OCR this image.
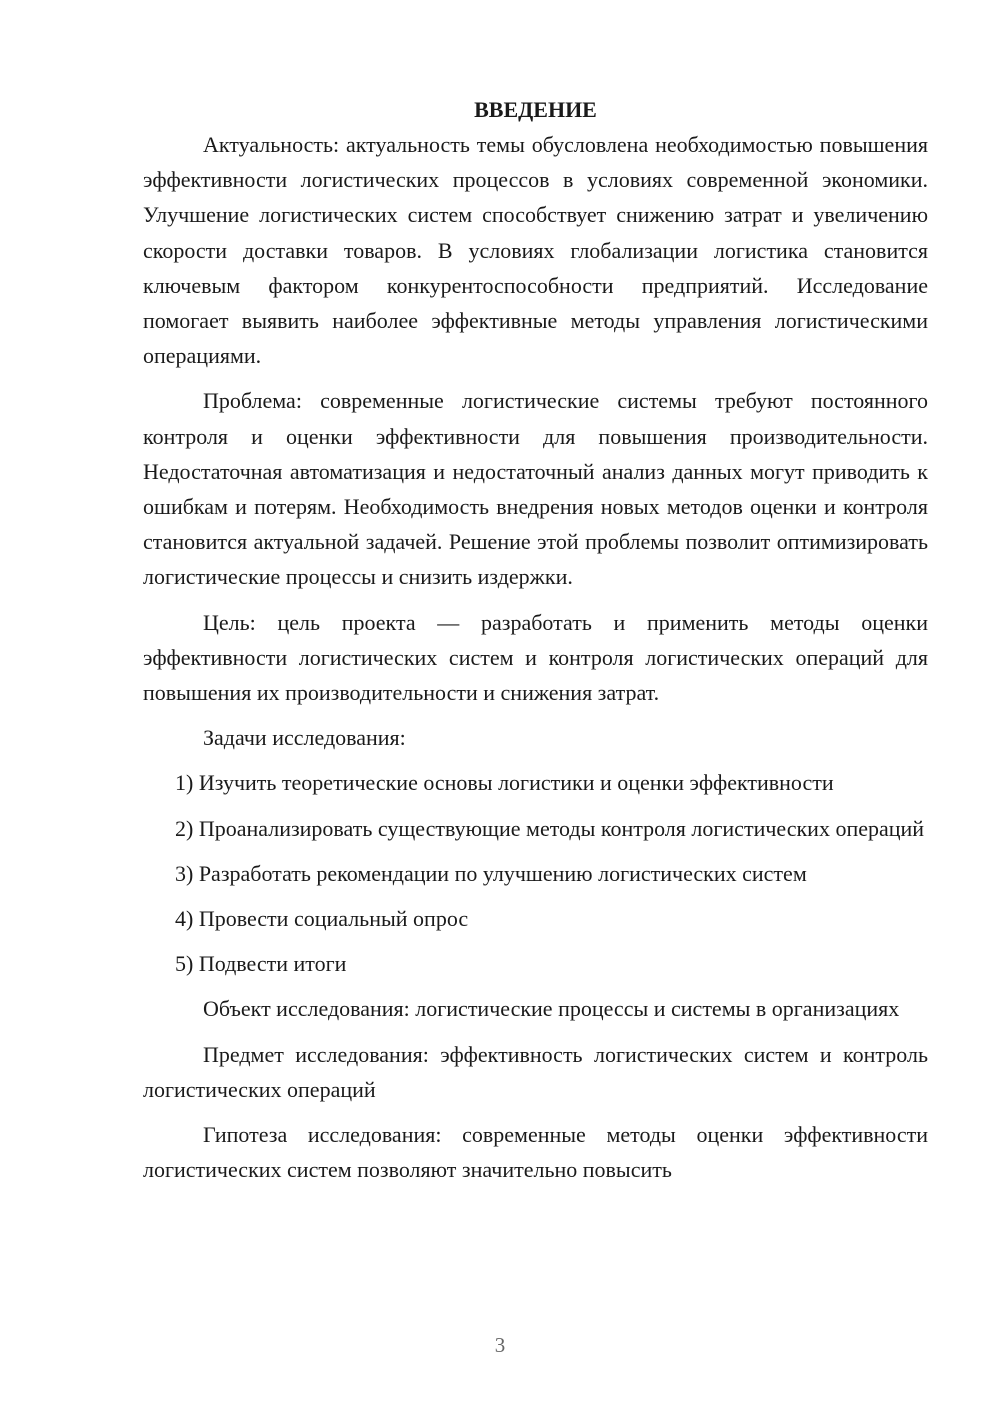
ВВЕДЕНИЕ

Актуальность: актуальность темы обусловлена необходимостью повышения эффективности логистических процессов в условиях современной экономики. Улучшение логистических систем способствует снижению затрат и увеличению скорости доставки товаров. В условиях глобализации логистика становится ключевым фактором конкурентоспособности предприятий. Исследование помогает выявить наиболее эффективные методы управления логистическими операциями.

Проблема: современные логистические системы требуют постоянного контроля и оценки эффективности для повышения производительности. Недостаточная автоматизация и недостаточный анализ данных могут приводить к ошибкам и потерям. Необходимость внедрения новых методов оценки и контроля становится актуальной задачей. Решение этой проблемы позволит оптимизировать логистические процессы и снизить издержки.

Цель: цель проекта — разработать и применить методы оценки эффективности логистических систем и контроля логистических операций для повышения их производительности и снижения затрат.

Задачи исследования:

1) Изучить теоретические основы логистики и оценки эффективности

2) Проанализировать существующие методы контроля логистических операций

3) Разработать рекомендации по улучшению логистических систем

4) Провести социальный опрос

5) Подвести итоги

Объект исследования: логистические процессы и системы в организациях

Предмет исследования: эффективность логистических систем и контроль логистических операций

Гипотеза исследования: современные методы оценки эффективности логистических систем позволяют значительно повысить

3
